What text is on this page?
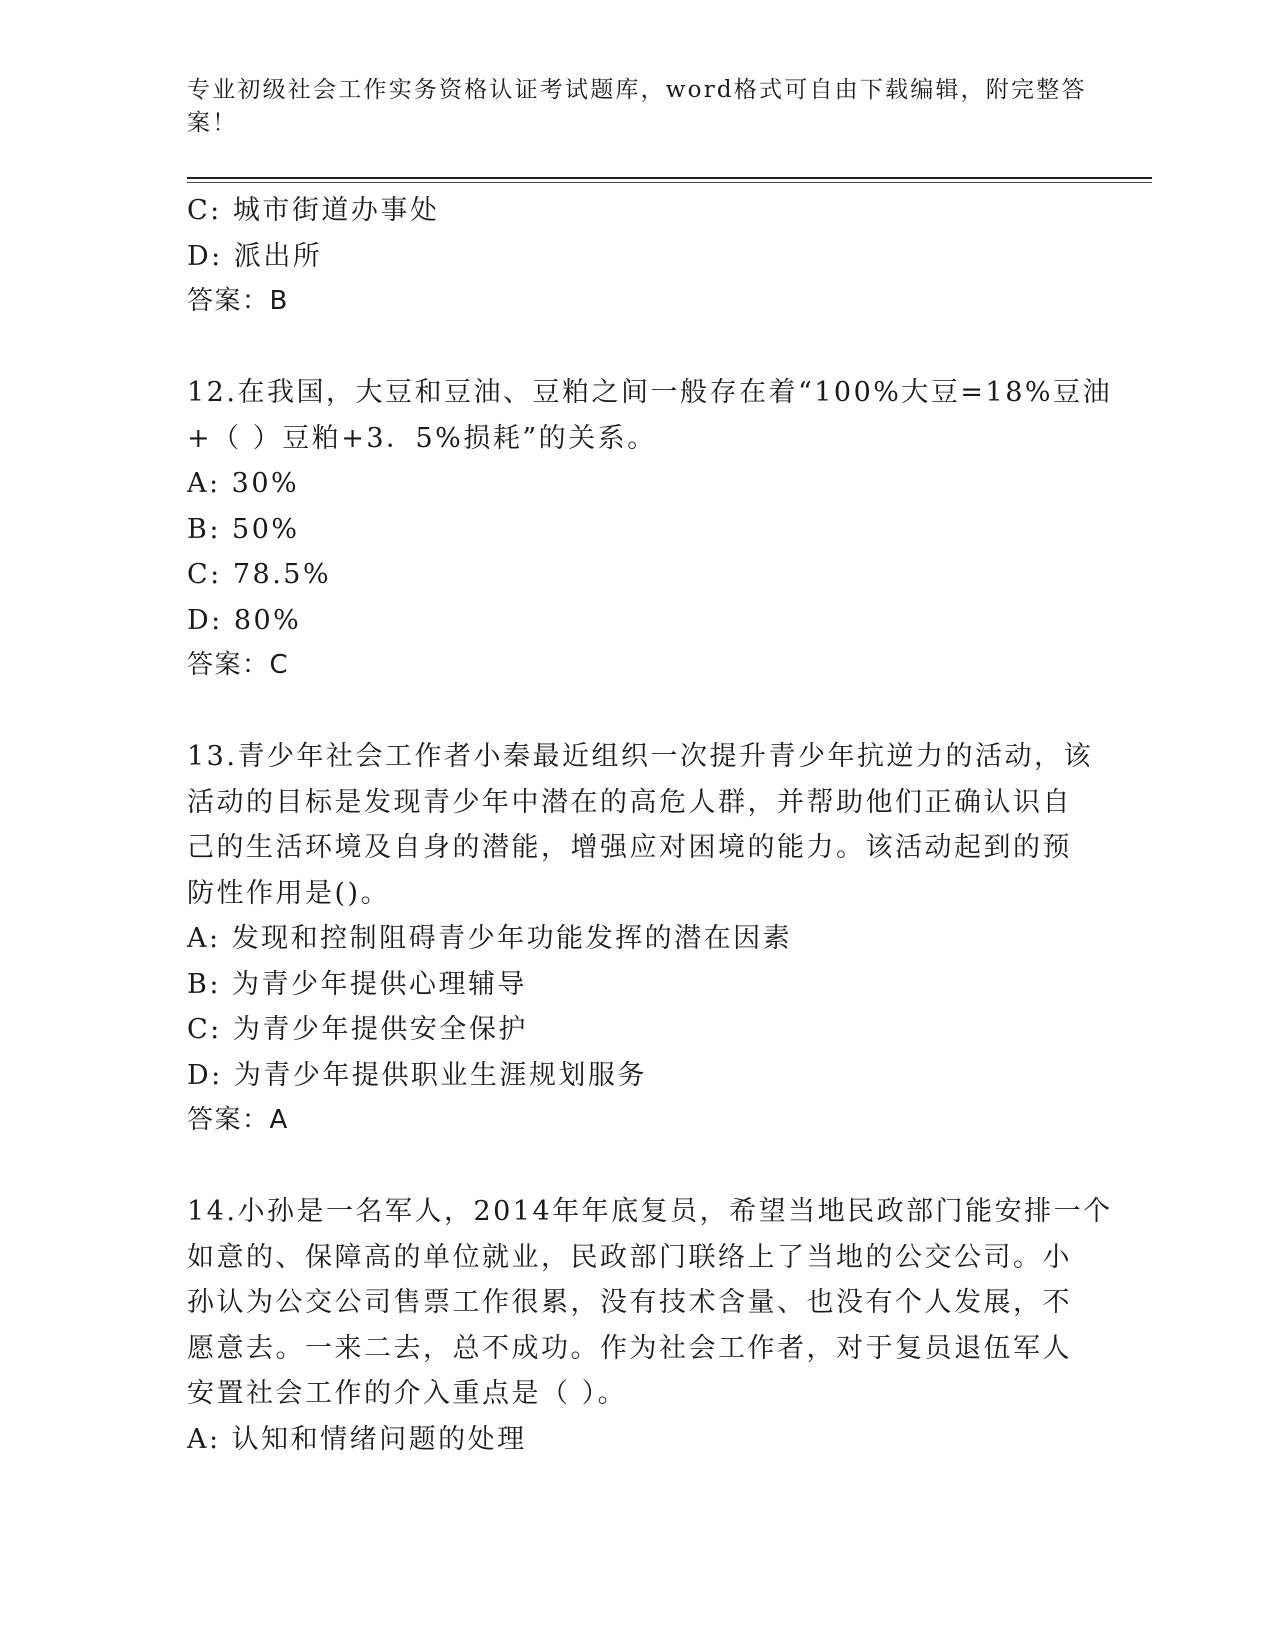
专业初级社会工作实务资格认证考试题库，word格式可自由下载编辑，附完整答
案！
C: 城市街道办事处
D: 派出所
答案：B
12.在我国，大豆和豆油、豆粕之间一般存在着“100%大豆=18%豆油
+（ ）豆粕+3．5%损耗”的关系。
A: 30%
B: 50%
C: 78.5%
D: 80%
答案：C
13.青少年社会工作者小秦最近组织一次提升青少年抗逆力的活动，该
活动的目标是发现青少年中潜在的高危人群，并帮助他们正确认识自
己的生活环境及自身的潜能，增强应对困境的能力。该活动起到的预
防性作用是()。
A: 发现和控制阻碍青少年功能发挥的潜在因素
B: 为青少年提供心理辅导
C: 为青少年提供安全保护
D: 为青少年提供职业生涯规划服务
答案：A
14.小孙是一名军人，2014年年底复员，希望当地民政部门能安排一个
如意的、保障高的单位就业，民政部门联络上了当地的公交公司。小
孙认为公交公司售票工作很累，没有技术含量、也没有个人发展，不
愿意去。一来二去，总不成功。作为社会工作者，对于复员退伍军人
安置社会工作的介入重点是（ ）。
A: 认知和情绪问题的处理
